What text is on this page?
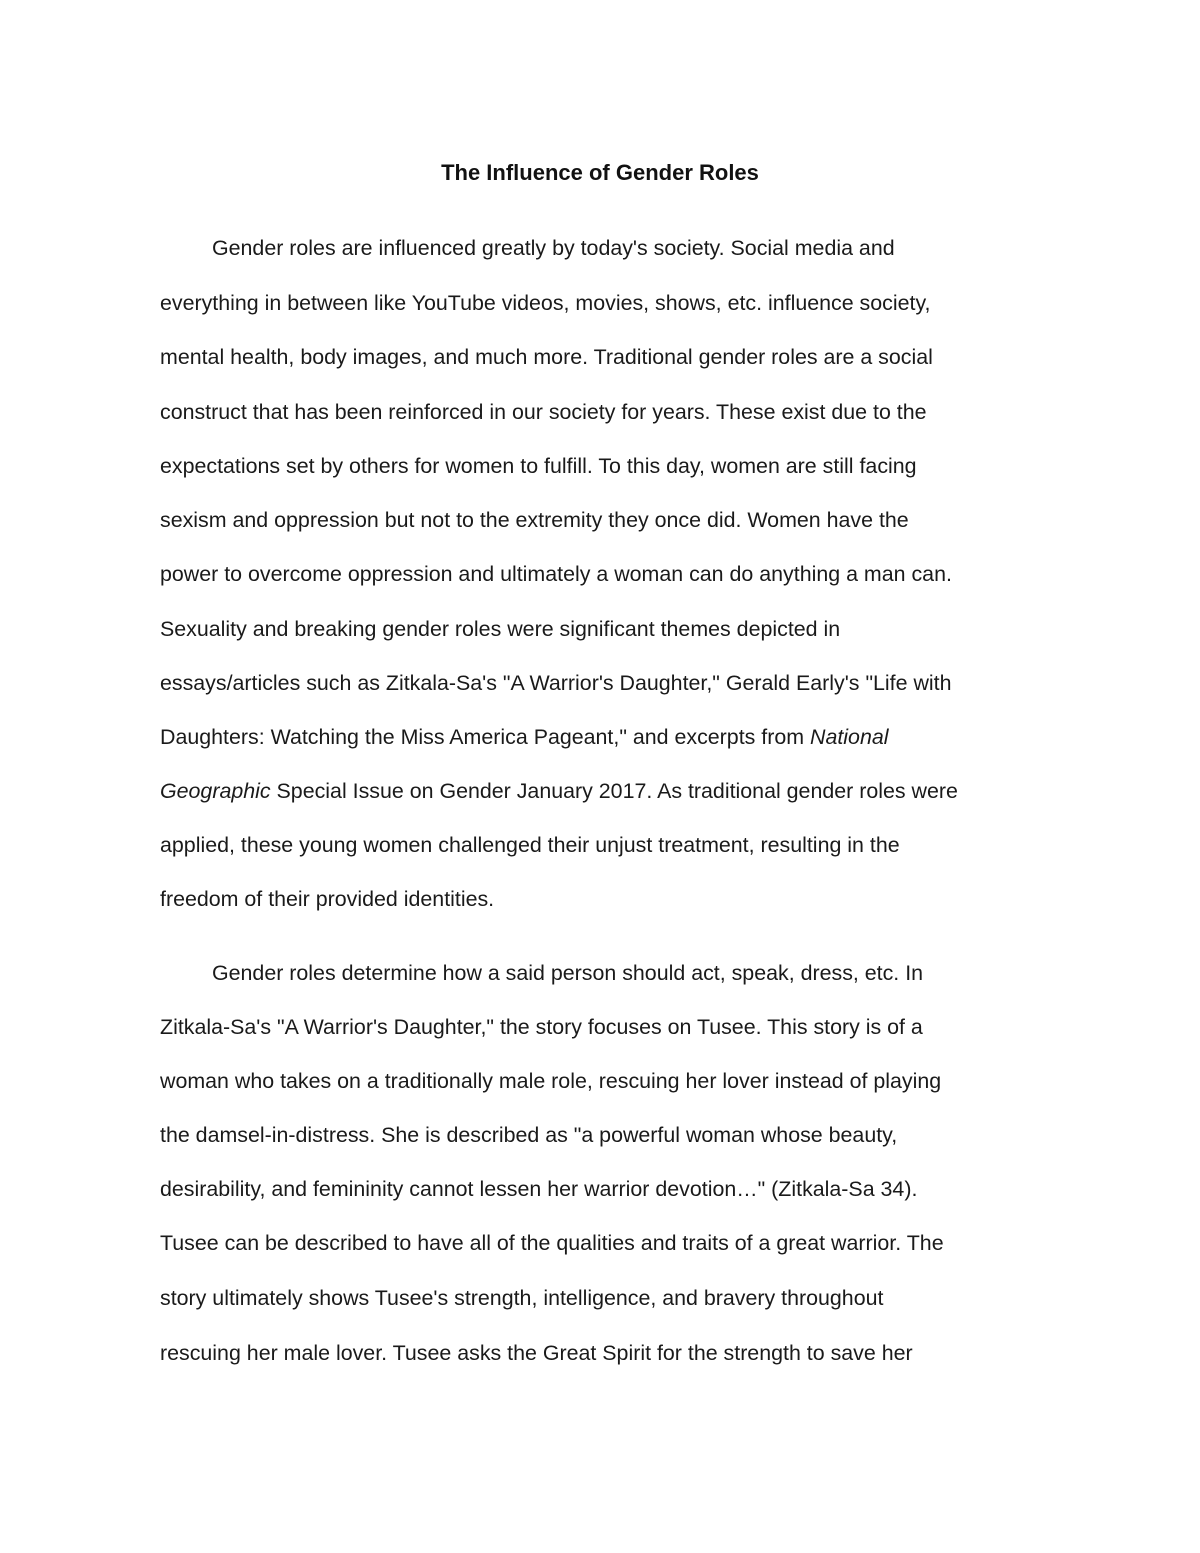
The Influence of Gender Roles
Gender roles are influenced greatly by today's society. Social media and
everything in between like YouTube videos, movies, shows, etc. influence society,
mental health, body images, and much more. Traditional gender roles are a social
construct that has been reinforced in our society for years. These exist due to the
expectations set by others for women to fulfill. To this day, women are still facing
sexism and oppression but not to the extremity they once did. Women have the
power to overcome oppression and ultimately a woman can do anything a man can.
Sexuality and breaking gender roles were significant themes depicted in
essays/articles such as Zitkala-Sa's "A Warrior's Daughter," Gerald Early's "Life with
Daughters: Watching the Miss America Pageant," and excerpts from National
Geographic Special Issue on Gender January 2017. As traditional gender roles were
applied, these young women challenged their unjust treatment, resulting in the
freedom of their provided identities.
Gender roles determine how a said person should act, speak, dress, etc. In
Zitkala-Sa's "A Warrior's Daughter," the story focuses on Tusee. This story is of a
woman who takes on a traditionally male role, rescuing her lover instead of playing
the damsel-in-distress. She is described as "a powerful woman whose beauty,
desirability, and femininity cannot lessen her warrior devotion…" (Zitkala-Sa 34).
Tusee can be described to have all of the qualities and traits of a great warrior. The
story ultimately shows Tusee's strength, intelligence, and bravery throughout
rescuing her male lover. Tusee asks the Great Spirit for the strength to save her
